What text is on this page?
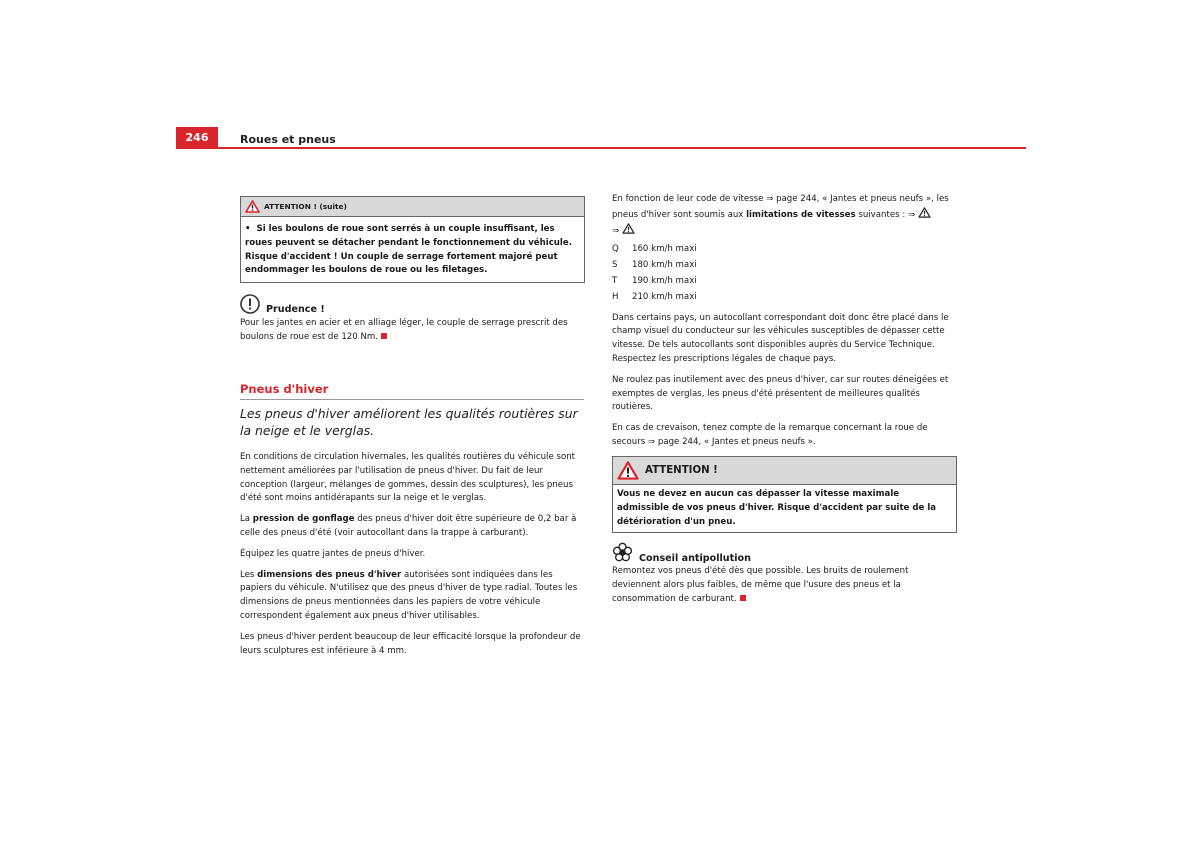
246	Roues et pneus
ATTENTION ! (suite)
• Si les boulons de roue sont serrés à un couple insuffisant, les roues peuvent se détacher pendant le fonctionnement du véhicule. Risque d'accident ! Un couple de serrage fortement majoré peut endommager les boulons de roue ou les filetages.
Prudence !

Pour les jantes en acier et en alliage léger, le couple de serrage prescrit des boulons de roue est de 120 Nm.

Pneus d'hiver
Les pneus d'hiver améliorent les qualités routières sur la neige et le verglas.

En conditions de circulation hivernales, les qualités routières du véhicule sont nettement améliorées par l'utilisation de pneus d'hiver. Du fait de leur conception (largeur, mélanges de gommes, dessin des sculptures), les pneus d'été sont moins antidérapants sur la neige et le verglas.

La pression de gonflage des pneus d'hiver doit être supérieure de 0,2 bar à celle des pneus d'été (voir autocollant dans la trappe à carburant).

Équipez les quatre jantes de pneus d'hiver.

Les dimensions des pneus d'hiver autorisées sont indiquées dans les papiers du véhicule. N'utilisez que des pneus d'hiver de type radial. Toutes les dimensions de pneus mentionnées dans les papiers de votre véhicule correspondent également aux pneus d'hiver utilisables.

Les pneus d'hiver perdent beaucoup de leur efficacité lorsque la profondeur de leurs sculptures est inférieure à 4 mm.

En fonction de leur code de vitesse ⇒ page 244, « Jantes et pneus neufs », les pneus d'hiver sont soumis aux limitations de vitesses suivantes : ⇒
⇒

Q	160 km/h maxi
S	180 km/h maxi
T	190 km/h maxi
H	210 km/h maxi

Dans certains pays, un autocollant correspondant doit donc être placé dans le champ visuel du conducteur sur les véhicules susceptibles de dépasser cette vitesse. De tels autocollants sont disponibles auprès du Service Technique. Respectez les prescriptions légales de chaque pays.

Ne roulez pas inutilement avec des pneus d'hiver, car sur routes déneigées et exemptes de verglas, les pneus d'été présentent de meilleures qualités routières.

En cas de crevaison, tenez compte de la remarque concernant la roue de secours ⇒ page 244, « Jantes et pneus neufs ».

ATTENTION !
Vous ne devez en aucun cas dépasser la vitesse maximale admissible de vos pneus d'hiver. Risque d'accident par suite de la détérioration d'un pneu.
Conseil antipollution

Remontez vos pneus d'été dès que possible. Les bruits de roulement deviennent alors plus faibles, de même que l'usure des pneus et la consommation de carburant.
